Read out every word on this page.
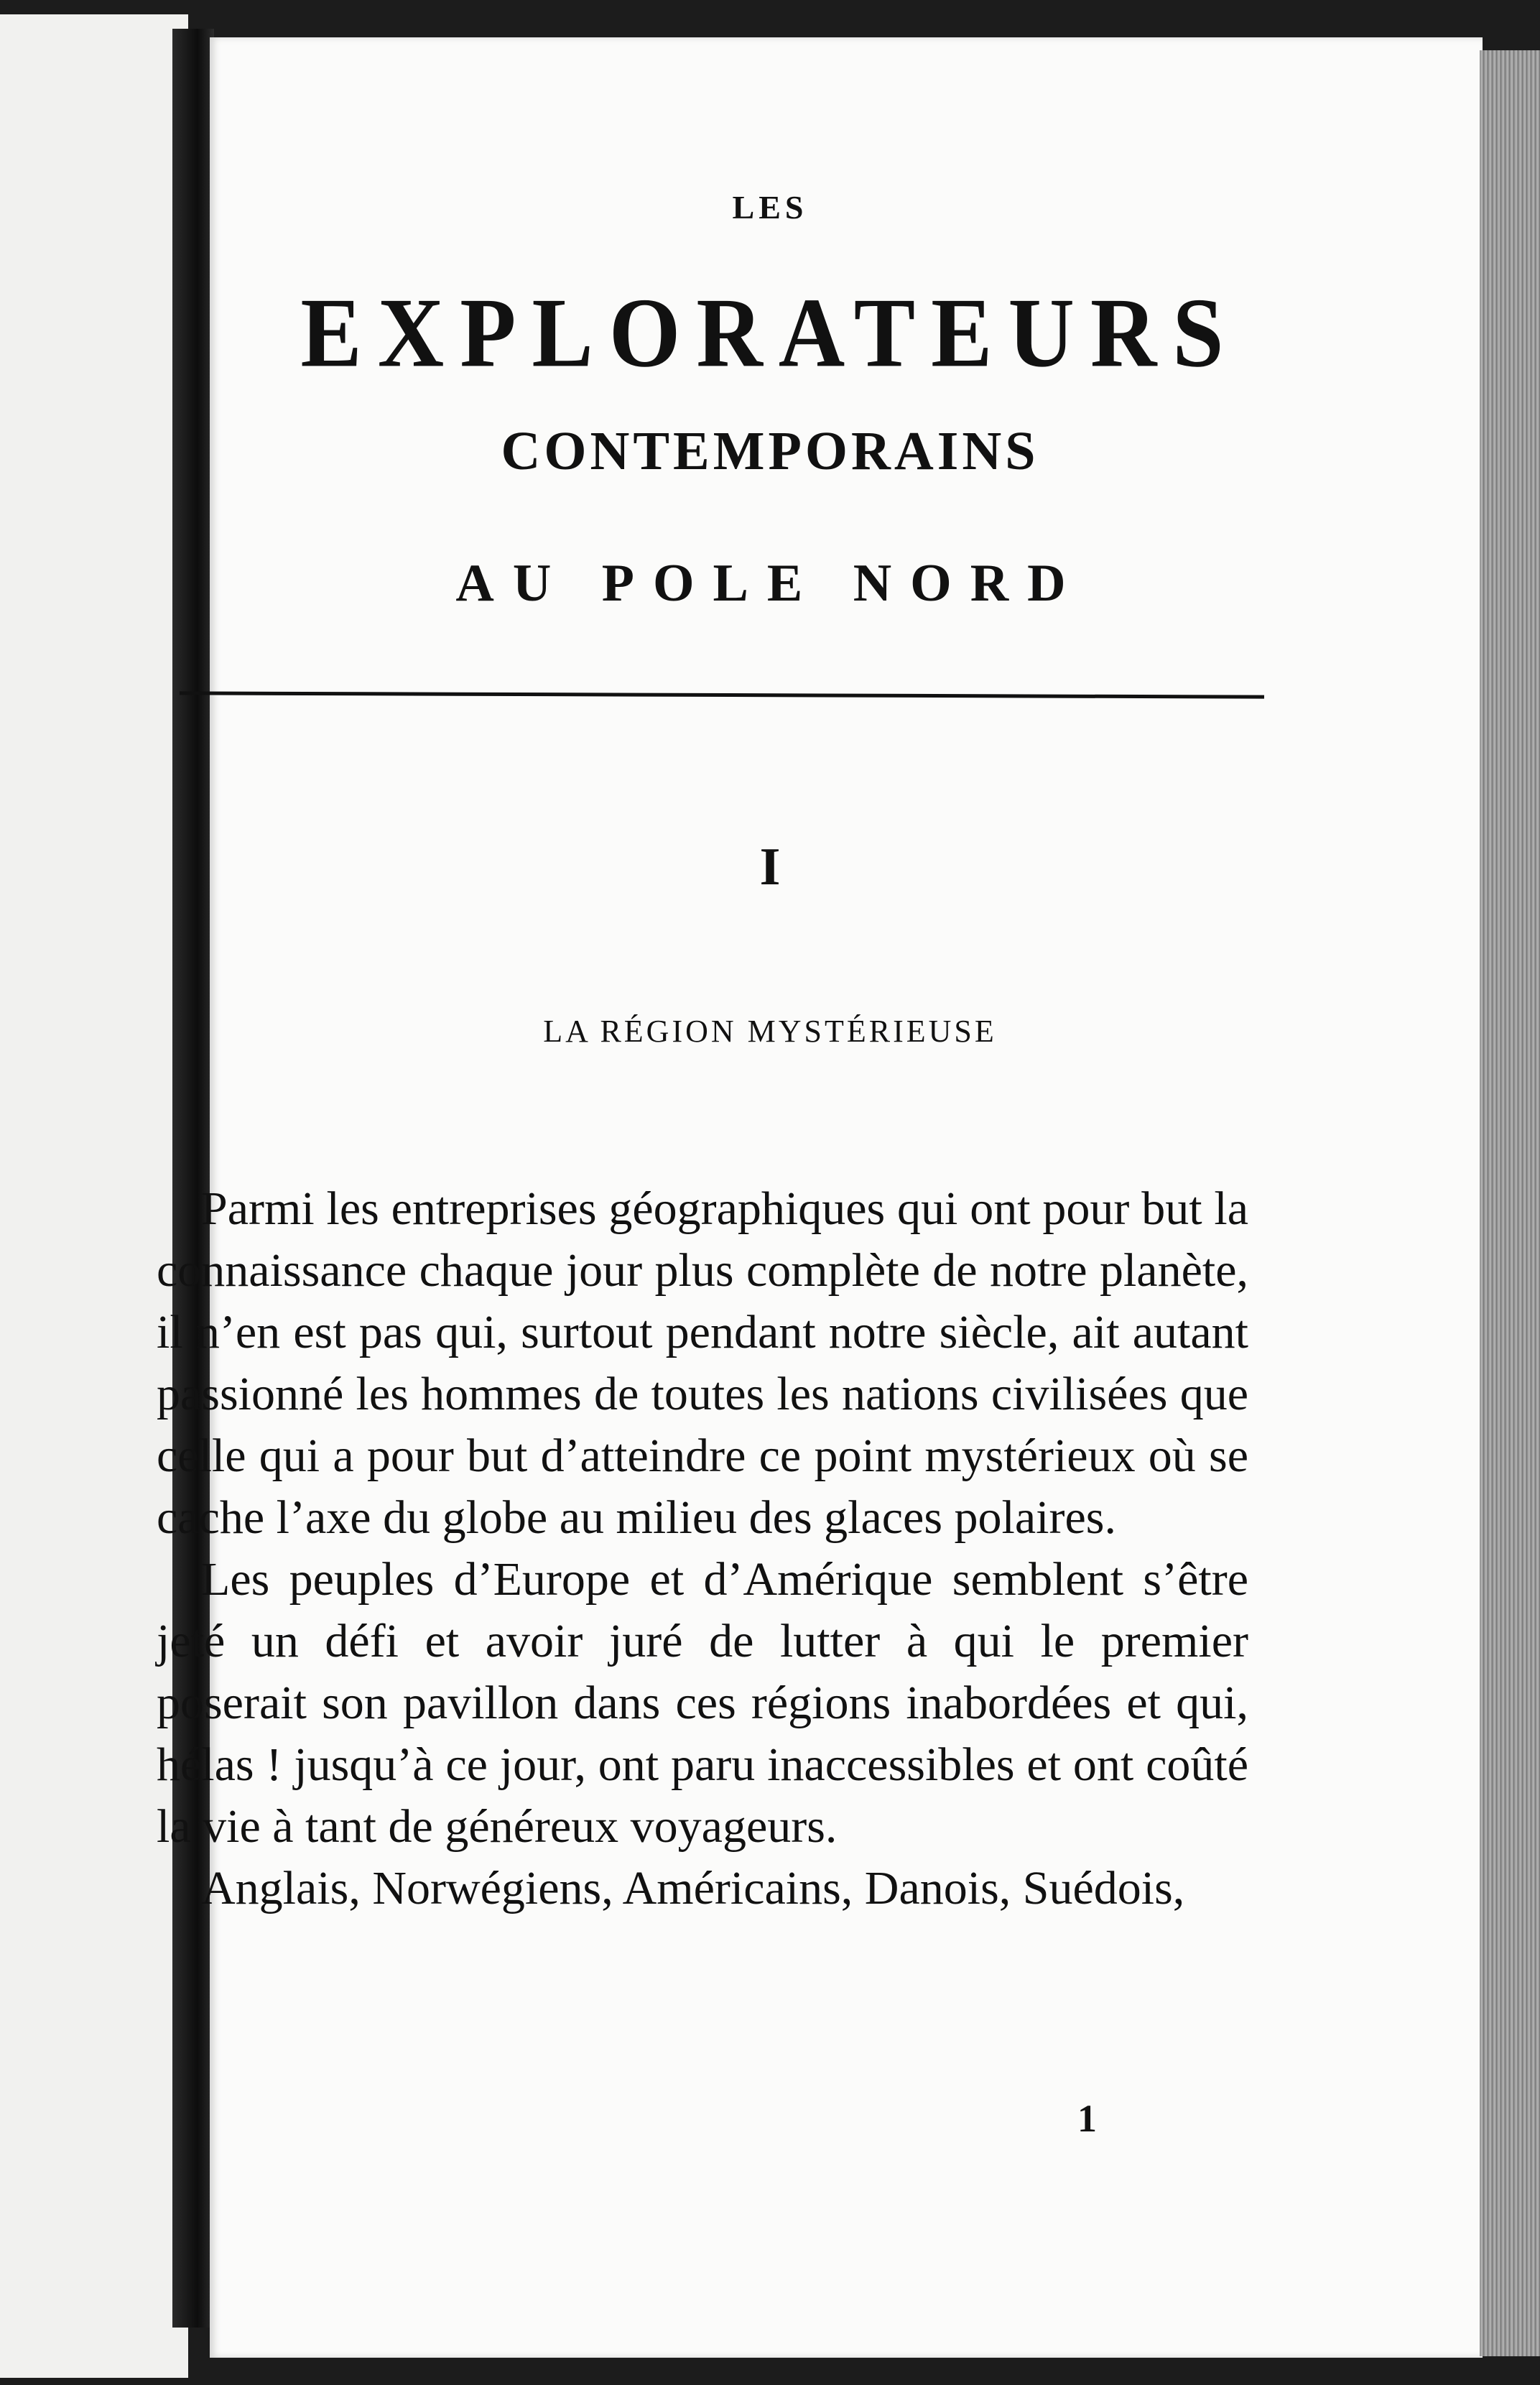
LES
EXPLORATEURS
CONTEMPORAINS
AU POLE NORD
I
LA RÉGION MYSTÉRIEUSE

Parmi les entreprises géographiques qui ont pour but la connaissance chaque jour plus complète de notre planète, il n’en est pas qui, surtout pendant notre siècle, ait autant passionné les hommes de toutes les nations civilisées que celle qui a pour but d’atteindre ce point mystérieux où se cache l’axe du globe au milieu des glaces polaires.

Les peuples d’Europe et d’Amérique semblent s’être jeté un défi et avoir juré de lutter à qui le premier poserait son pavillon dans ces régions inabordées et qui, hélas ! jusqu’à ce jour, ont paru inaccessibles et ont coûté la vie à tant de généreux voyageurs.

Anglais, Norwégiens, Américains, Danois, Suédois,

1
